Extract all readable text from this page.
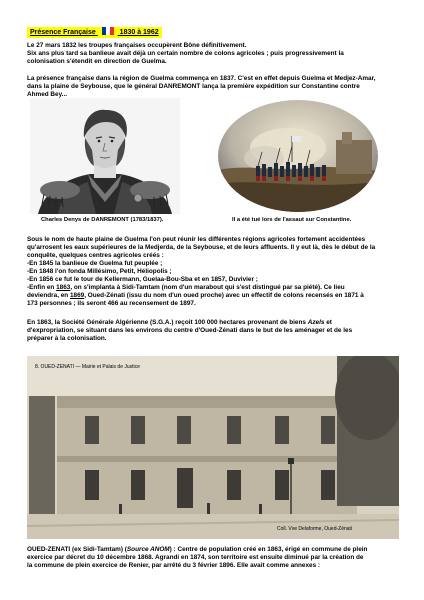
Présence Française	1830 à 1962

Le 27 mars 1832 les troupes françaises occupèrent Bône définitivement.

Six ans plus tard sa banlieue avait déjà un certain nombre de colons agricoles ; puis progressivement la

colonisation s'étendit en direction de Guelma.

La présence française dans la région de Guelma commença en 1837. C'est en effet depuis Guelma et Medjez-Amar,

dans la plaine de Seybouse, que le général DANREMONT lança la première expédition sur Constantine contre

Ahmed Bey...

Charles Denys de DANREMONT (1783/1837).	Il a été tué lors de l'assaut sur Constantine.

Sous le nom de haute plaine de Guelma l'on peut réunir les différentes régions agricoles fortement accidentées

qu'arrosent les eaux supérieures de la Medjerda, de la Seybouse, et de leurs affluents. Il y eut là, dès le début de la

conquête, quelques centres agricoles créés :

-En 1845 la banlieue de Guelma fut peuplée ;

-En 1848 l'on fonda Millésimo, Petit, Héliopolis ;

-En 1856 ce fut le tour de Kellermann, Guelaa-Bou-Sba et en 1857, Duvivier ;

-Enfin en 1863, on s'implanta à Sidi-Tamtam (nom d'un marabout qui s'est distingué par sa piété). Ce lieu

deviendra, en 1869, Oued-Zénati (issu du nom d'un oued proche) avec un effectif de colons recensés en 1871 à

173 personnes ; ils seront 466 au recensement de 1897.

En 1863, la Société Générale Algérienne (S.G.A.) reçoit 100 000 hectares provenant de biens Azels et

d'expropriation, se situant dans les environs du centre d'Oued-Zénati dans le but de les aménager et de les

préparer à la colonisation.

8. OUED-ZENATI — Mairie et Palais de Justice
Coll. Vve Delaforme, Oued-Zénati

OUED-ZENATI (ex Sidi-Tamtam) (Source ANOM) : Centre de population créé en 1863, érigé en commune de plein

exercice par décret du 10 décembre 1868. Agrandi en 1874, son territoire est ensuite diminué par la création de

la commune de plein exercice de Renier, par arrêté du 3 février 1896. Elle avait comme annexes :
